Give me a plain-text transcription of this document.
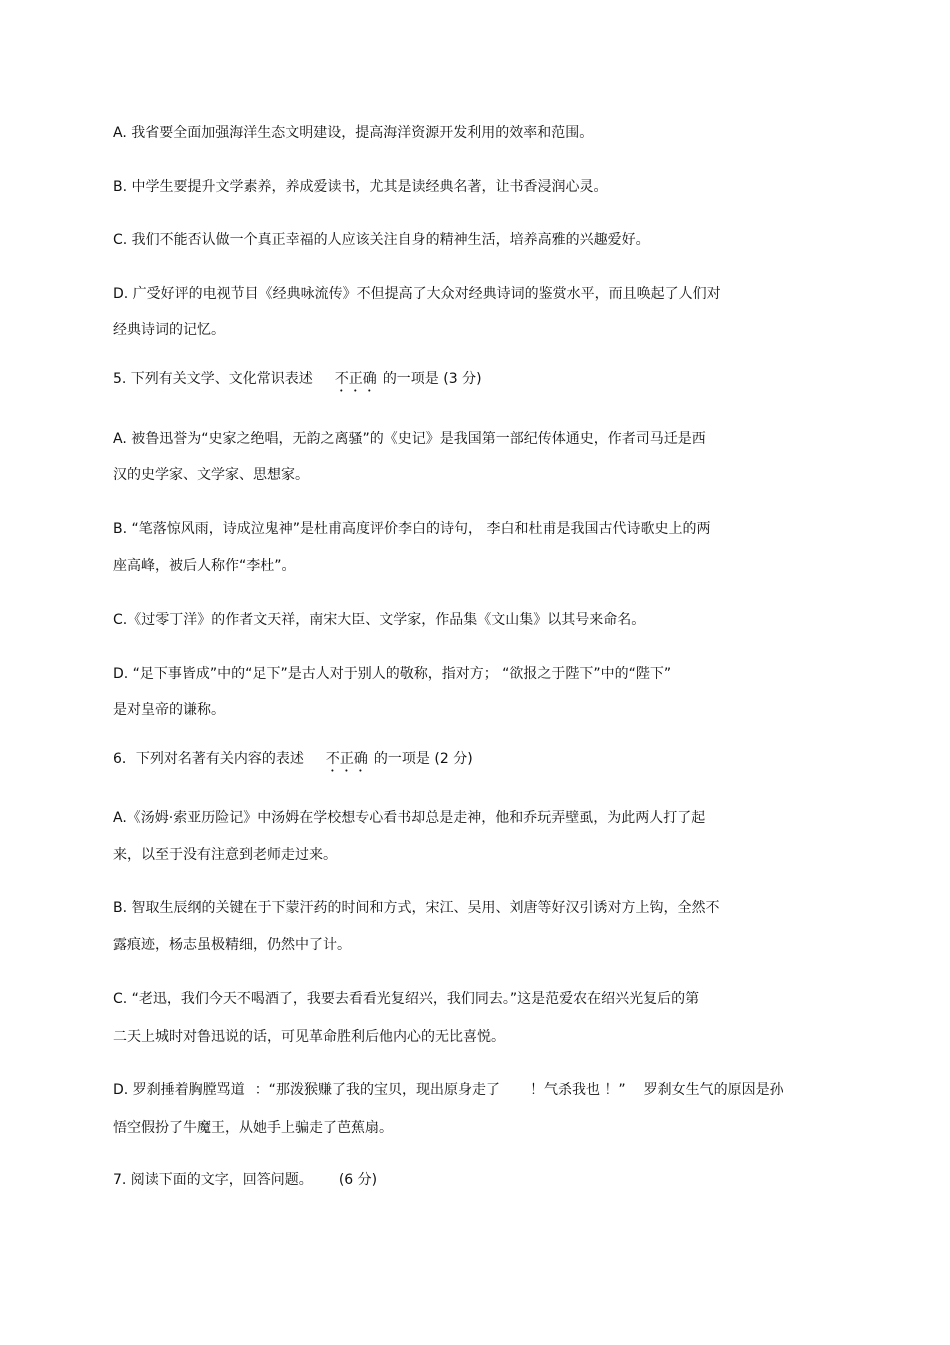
A. 我省要全面加强海洋生态文明建设，提高海洋资源开发利用的效率和范围。
B. 中学生要提升文学素养，养成爱读书，尤其是读经典名著，让书香浸润心灵。
C. 我们不能否认做一个真正幸福的人应该关注自身的精神生活，培养高雅的兴趣爱好。
D. 广受好评的电视节目《经典咏流传》不但提高了大众对经典诗词的鉴赏水平，而且唤起了人们对
经典诗词的记忆。
5. 下列有关文学、文化常识表述 不正确 的一项是 (3 分)
A. 被鲁迅誉为“史家之绝唱，无韵之离骚”的《史记》是我国第一部纪传体通史，作者司马迁是西
汉的史学家、文学家、思想家。
B. “笔落惊风雨，诗成泣鬼神”是杜甫高度评价李白的诗句， 李白和杜甫是我国古代诗歌史上的两
座高峰，被后人称作“李杜”。
C.《过零丁洋》的作者文天祥，南宋大臣、文学家，作品集《文山集》以其号来命名。
D. “足下事皆成”中的“足下”是古人对于别人的敬称，指对方； “欲报之于陛下”中的“陛下”
是对皇帝的谦称。
6．下列对名著有关内容的表述 不正确 的一项是 (2 分)
A.《汤姆·索亚历险记》中汤姆在学校想专心看书却总是走神，他和乔玩弄壁虱，为此两人打了起
来，以至于没有注意到老师走过来。
B. 智取生辰纲的关键在于下蒙汗药的时间和方式，宋江、吴用、刘唐等好汉引诱对方上钩，全然不
露痕迹，杨志虽极精细，仍然中了计。
C. “老迅，我们今天不喝酒了，我要去看看光复绍兴，我们同去。”这是范爱农在绍兴光复后的第
二天上城时对鲁迅说的话，可见革命胜利后他内心的无比喜悦。
D. 罗刹捶着胸膛骂道 ：“那泼猴赚了我的宝贝，现出原身走了 ！气杀我也 ！” 罗刹女生气的原因是孙
悟空假扮了牛魔王，从她手上骗走了芭蕉扇。
7. 阅读下面的文字，回答问题。 (6 分)
